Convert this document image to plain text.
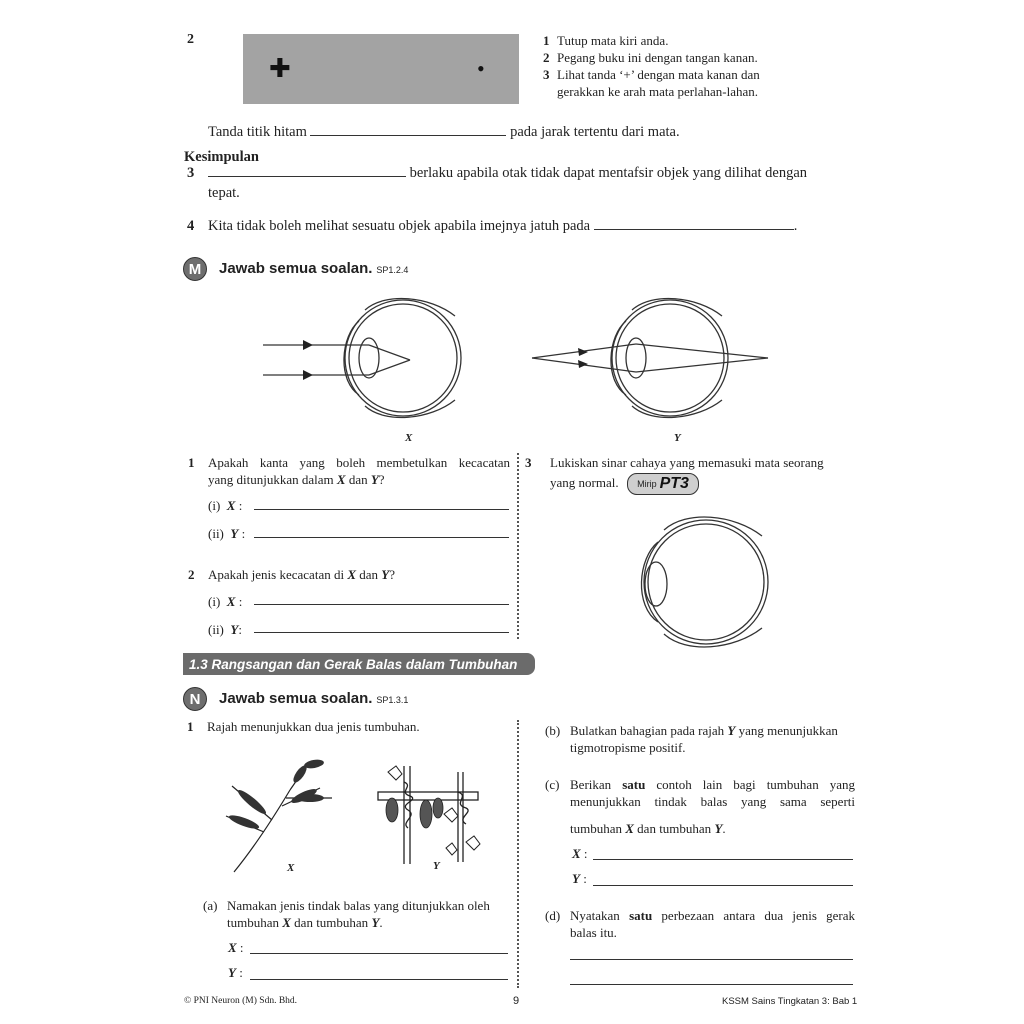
2
✚	•
1 Tutup mata kiri anda.
2 Pegang buku ini dengan tangan kanan.
3 Lihat tanda ‘+’ dengan mata kanan dan
gerakkan ke arah mata perlahan-lahan.
Tanda titik hitam	pada jarak tertentu dari mata.
Kesimpulan
3	berlaku apabila otak tidak dapat mentafsir objek yang dilihat dengan
tepat.
4 Kita tidak boleh melihat sesuatu objek apabila imejnya jatuh pada	.
M	Jawab semua soalan. SP1.2.4
X	Y
1	Apakah kanta yang boleh membetulkan kecacatan
yang ditunjukkan dalam X dan Y?
(i) X :
(ii) Y :
2 Apakah jenis kecacatan di X dan Y?
(i) X :
(ii) Y:
3 Lukiskan sinar cahaya yang memasuki mata seorang
yang normal. Mirip PT3
1.3 Rangsangan dan Gerak Balas dalam Tumbuhan
N	Jawab semua soalan. SP1.3.1
1 Rajah menunjukkan dua jenis tumbuhan.
X	Y
(a) Namakan jenis tindak balas yang ditunjukkan oleh
tumbuhan X dan tumbuhan Y.
X :
Y :
(b) Bulatkan bahagian pada rajah Y yang menunjukkan
tigmotropisme positif.
(c) Berikan satu contoh lain bagi tumbuhan yang
menunjukkan tindak balas yang sama seperti
tumbuhan X dan tumbuhan Y.
X :
Y :
(d) Nyatakan satu perbezaan antara dua jenis gerak
balas itu.
© PNI Neuron (M) Sdn. Bhd.	9	KSSM Sains Tingkatan 3: Bab 1
